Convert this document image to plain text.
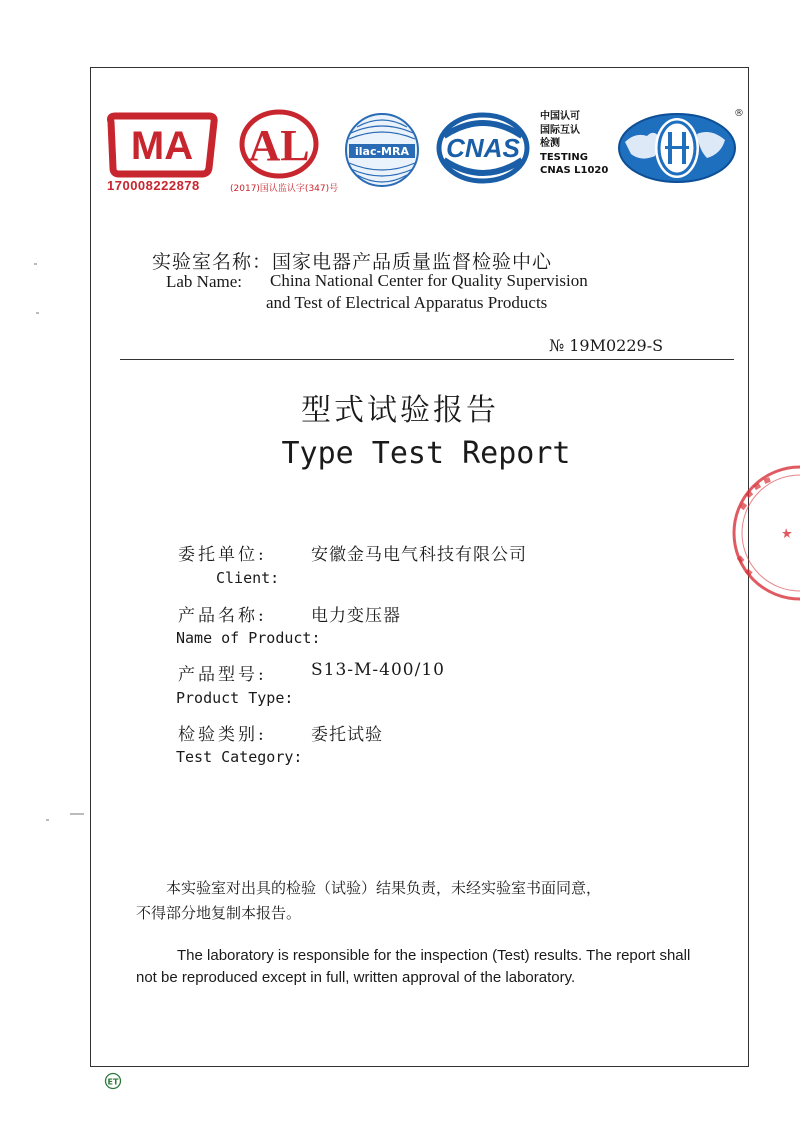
MA
170008222878
AL
(2017)国认监认字(347)号
ilac-MRA CNAS
中国认可
国际互认
检测
TESTING
CNAS L1020
®
实验室名称：国家电器产品质量监督检验中心
Lab Name: China National Center for Quality Supervision
and Test of Electrical Apparatus Products
№ 19M0229-S
型式试验报告
Type Test Report
委托单位:	安徽金马电气科技有限公司
Client:
产品名称:	电力变压器
Name of Product:
产品型号:	S13-M-400/10
Product Type:
检验类别:	委托试验
Test Category:
本实验室对出具的检验（试验）结果负责，未经实验室书面同意，
不得部分地复制本报告。
The laboratory is responsible for the inspection (Test) results. The report shall
not be reproduced except in full, written approval of the laboratory.
ET
